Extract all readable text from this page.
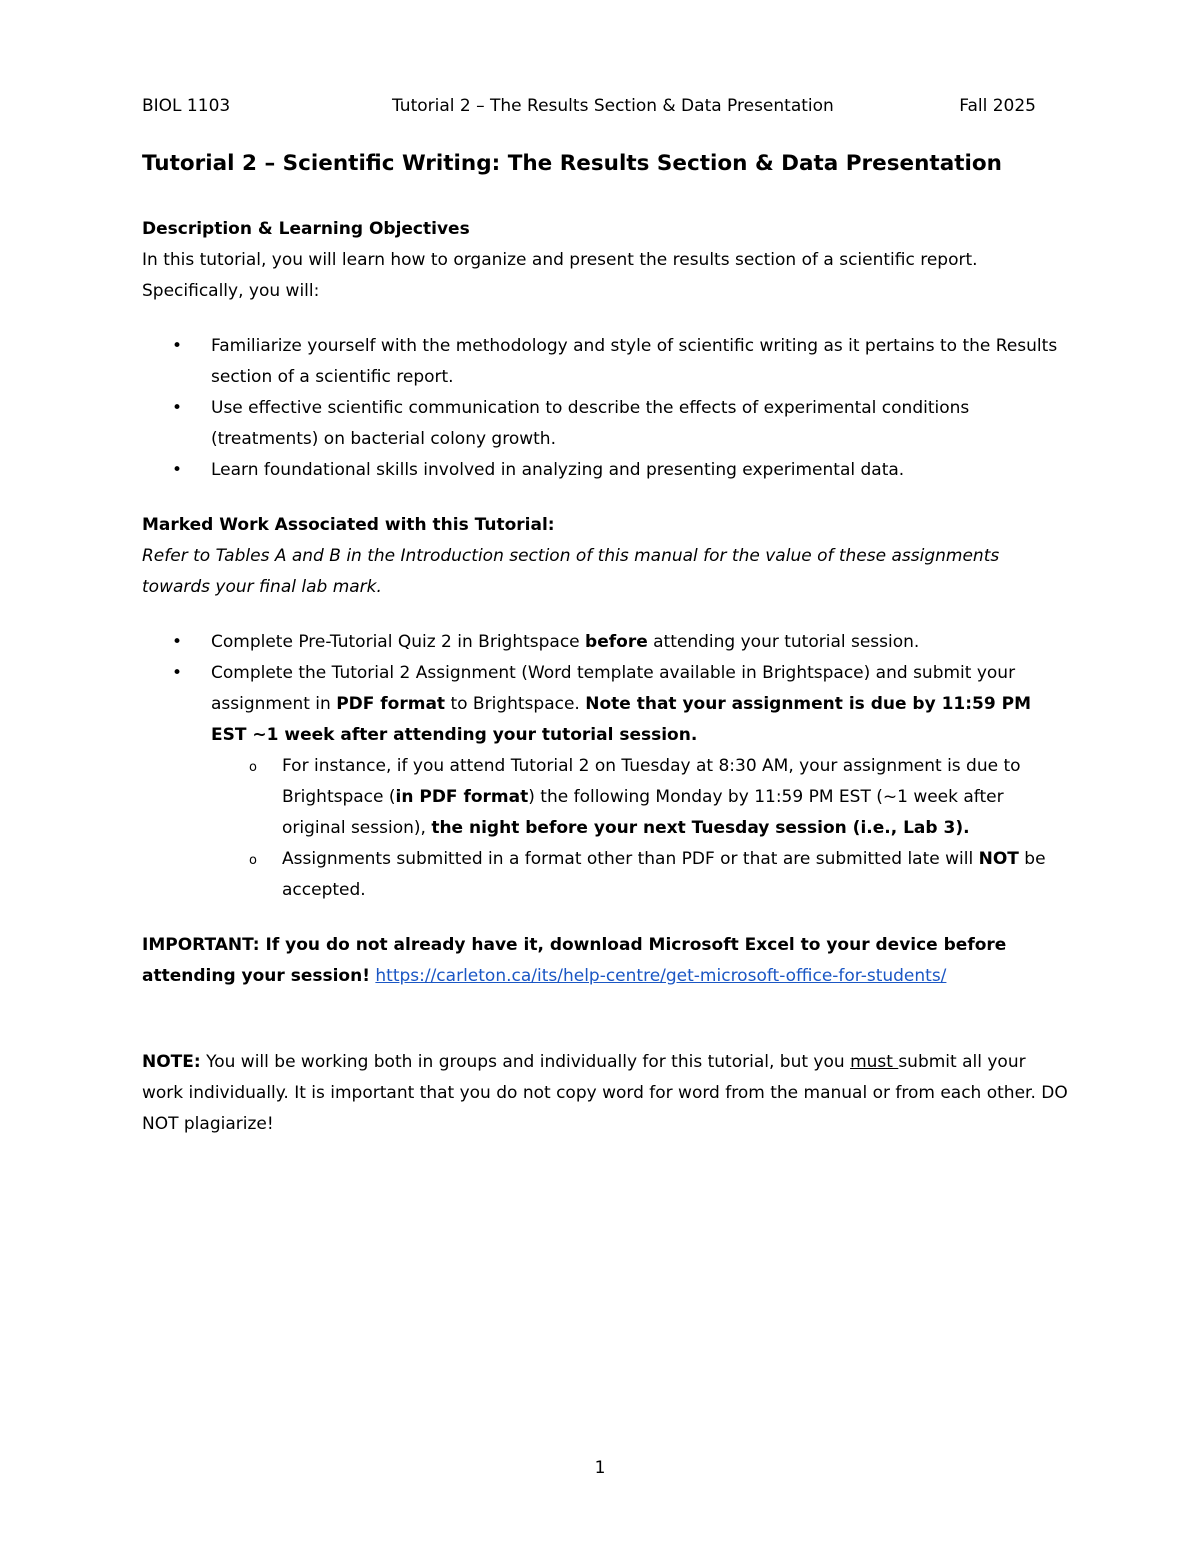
BIOL 1103	Tutorial 2 – The Results Section & Data Presentation	Fall 2025
Tutorial 2 – Scientific Writing: The Results Section & Data Presentation

Description & Learning Objectives

In this tutorial, you will learn how to organize and present the results section of a scientific report. Specifically, you will:

• Familiarize yourself with the methodology and style of scientific writing as it pertains to the Results section of a scientific report.
• Use effective scientific communication to describe the effects of experimental conditions (treatments) on bacterial colony growth.
• Learn foundational skills involved in analyzing and presenting experimental data.

Marked Work Associated with this Tutorial:

Refer to Tables A and B in the Introduction section of this manual for the value of these assignments towards your final lab mark.

• Complete Pre-Tutorial Quiz 2 in Brightspace before attending your tutorial session.
• Complete the Tutorial 2 Assignment (Word template available in Brightspace) and submit your assignment in PDF format to Brightspace. Note that your assignment is due by 11:59 PM EST ~1 week after attending your tutorial session.
o For instance, if you attend Tutorial 2 on Tuesday at 8:30 AM, your assignment is due to Brightspace (in PDF format) the following Monday by 11:59 PM EST (~1 week after original session), the night before your next Tuesday session (i.e., Lab 3).
o Assignments submitted in a format other than PDF or that are submitted late will NOT be accepted.

IMPORTANT: If you do not already have it, download Microsoft Excel to your device before attending your session! https://carleton.ca/its/help-centre/get-microsoft-office-for-students/

NOTE: You will be working both in groups and individually for this tutorial, but you must submit all your work individually. It is important that you do not copy word for word from the manual or from each other. DO NOT plagiarize!

1
